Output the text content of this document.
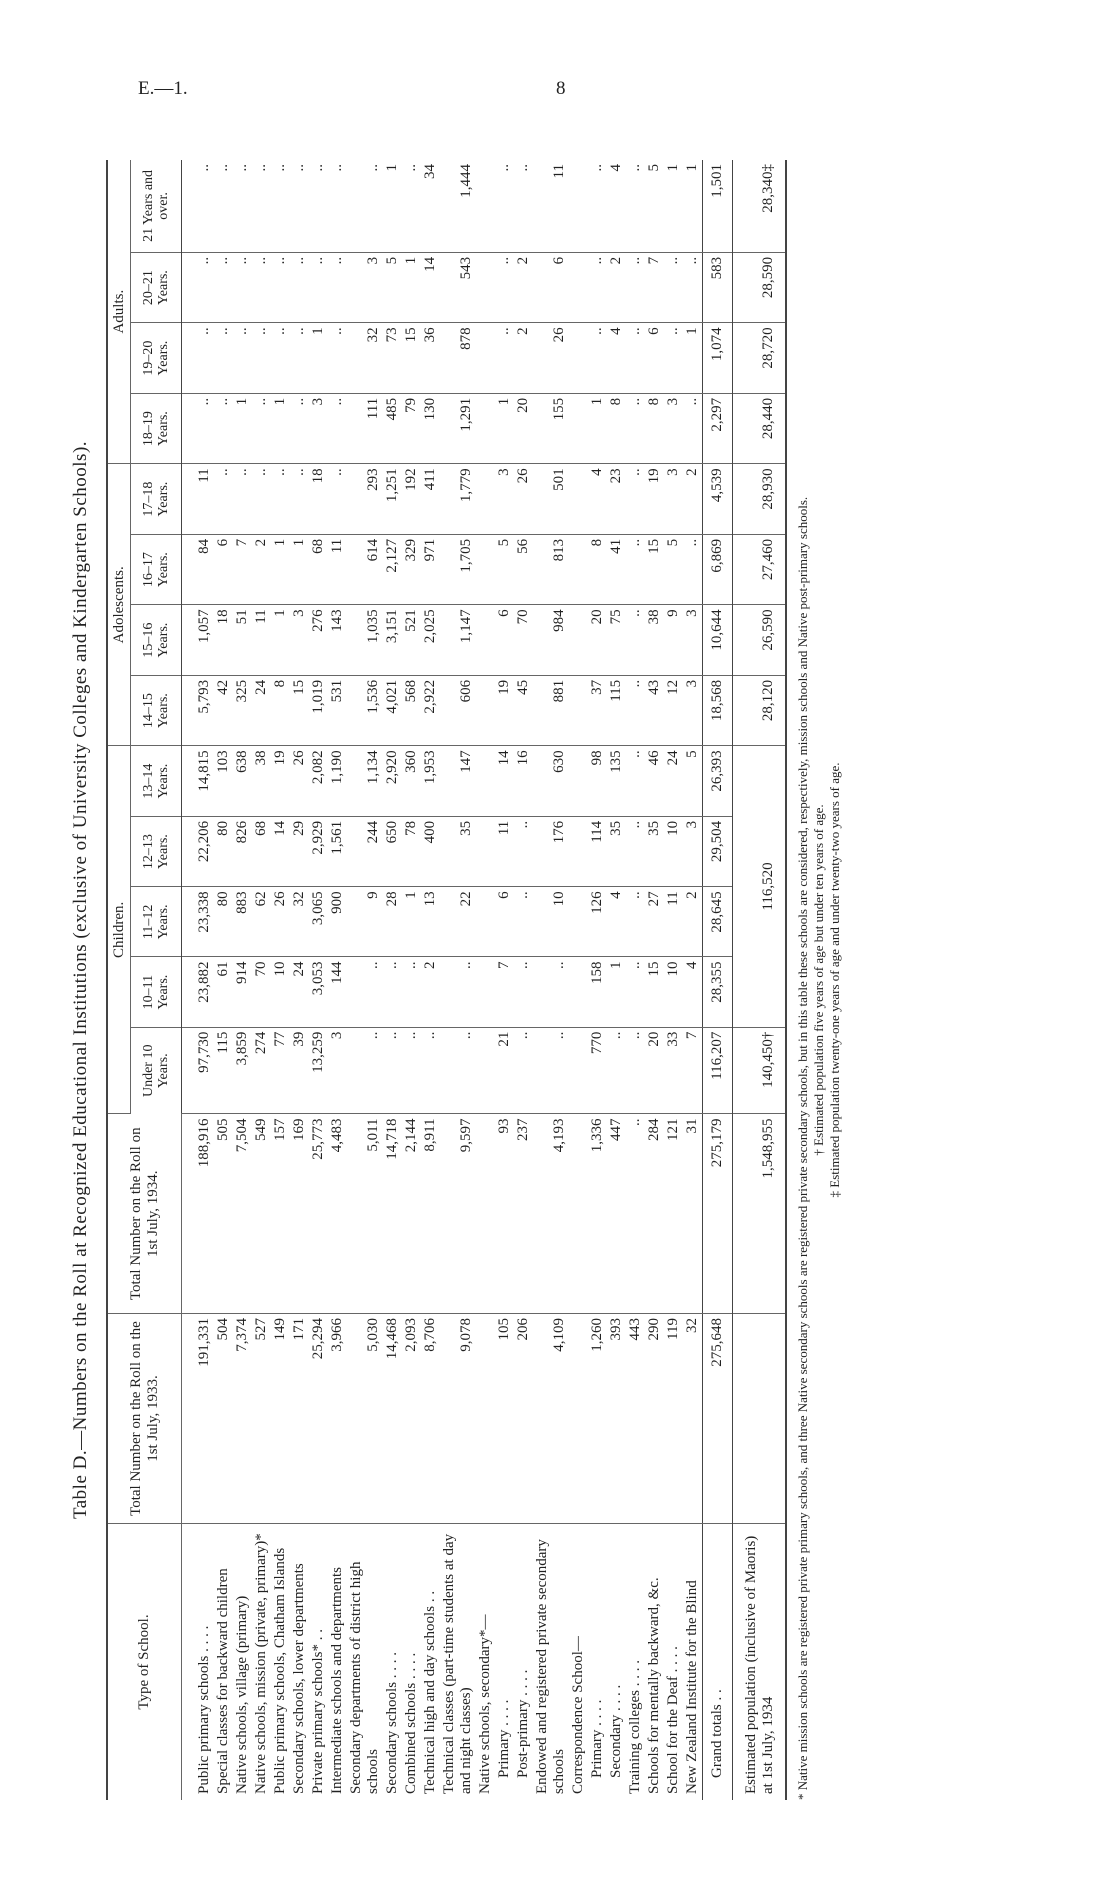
E.—1.	8
Table D.—Numbers on the Roll at Recognized Educational Institutions (exclusive of University Colleges and Kindergarten Schools).
Type of School.	Total Number on the Roll on the 1st July, 1933.	Total Number on the Roll on 1st July, 1934.	Children.					Adolescents.				Adults.			
			Under 10 Years.	10–11 Years.	11–12 Years.	12–13 Years.	13–14 Years.	14–15 Years.	15–16 Years.	16–17 Years.	17–18 Years.	18–19 Years.	19–20 Years.	20–21 Years.	21 Years and over.
Public primary schools . . . .	191,331	188,916	97,730	23,882	23,338	22,206	14,815	5,793	1,057	84	11	..	..	..	..
Special classes for backward children	504	505	115	61	80	80	103	42	18	6	..	..	..	..	..
Native schools, village (primary)	7,374	7,504	3,859	914	883	826	638	325	51	7	..	1	..	..	..
Native schools, mission (private, primary)*	527	549	274	70	62	68	38	24	11	2	..	..	..	..	..
Public primary schools, Chatham Islands	149	157	77	10	26	14	19	8	1	1	..	1	..	..	..
Secondary schools, lower departments	171	169	39	24	32	29	26	15	3	1	..	..	..	..	..
Private primary schools* . .	25,294	25,773	13,259	3,053	3,065	2,929	2,082	1,019	276	68	18	3	1	..	..
Intermediate schools and departments	3,966	4,483	3	144	900	1,561	1,190	531	143	11	..	..	..	..	..
Secondary departments of district high schools	5,030	5,011	..	..	9	244	1,134	1,536	1,035	614	293	111	32	3	..
Secondary schools . . . .	14,468	14,718	..	..	28	650	2,920	4,021	3,151	2,127	1,251	485	73	5	1
Combined schools . . . .	2,093	2,144	..	..	1	78	360	568	521	329	192	79	15	1	..
Technical high and day schools . .	8,706	8,911	..	2	13	400	1,953	2,922	2,025	971	411	130	36	14	34
Technical classes (part-time students at day and night classes)	9,078	9,597	..	..	22	35	147	606	1,147	1,705	1,779	1,291	878	543	1,444
Native schools, secondary*—															
Primary . . . .	105	93	21	7	6	11	14	19	6	5	3	1	..	..	..
Post-primary . . . .	206	237	..	..	..	..	16	45	70	56	26	20	2	2	..
Endowed and registered private secondary schools	4,109	4,193	..	..	10	176	630	881	984	813	501	155	26	6	11
Correspondence School—															
Primary . . . .	1,260	1,336	770	158	126	114	98	37	20	8	4	1	..	..	..
Secondary . . . .	393	447	..	1	4	35	135	115	75	41	23	8	4	2	4
Training colleges . . . .	443	..	..	..	..	..	..	..	..	..	..	..	..	..	..
Schools for mentally backward, &c.	290	284	20	15	27	35	46	43	38	15	19	8	6	7	5
School for the Deaf . . . .	119	121	33	10	11	10	24	12	9	5	3	3	..	..	1
New Zealand Institute for the Blind	32	31	7	4	2	3	5	3	3	..	2	..	1	..	1
Grand totals . .	275,648	275,179	116,207	28,355	28,645	29,504	26,393	18,568	10,644	6,869	4,539	2,297	1,074	583	1,501
Estimated population (inclusive of Maoris) at 1st July, 1934		1,548,955	140,450†	116,520				28,120	26,590	27,460	28,930	28,440	28,720	28,590	28,340‡
* Native mission schools are registered private primary schools, and three Native secondary schools are registered private secondary schools, but in this table these schools are considered, respectively, mission schools and Native post-primary schools. † Estimated population five years of age but under ten years of age. ‡ Estimated population twenty-one years of age and under twenty-two years of age.
